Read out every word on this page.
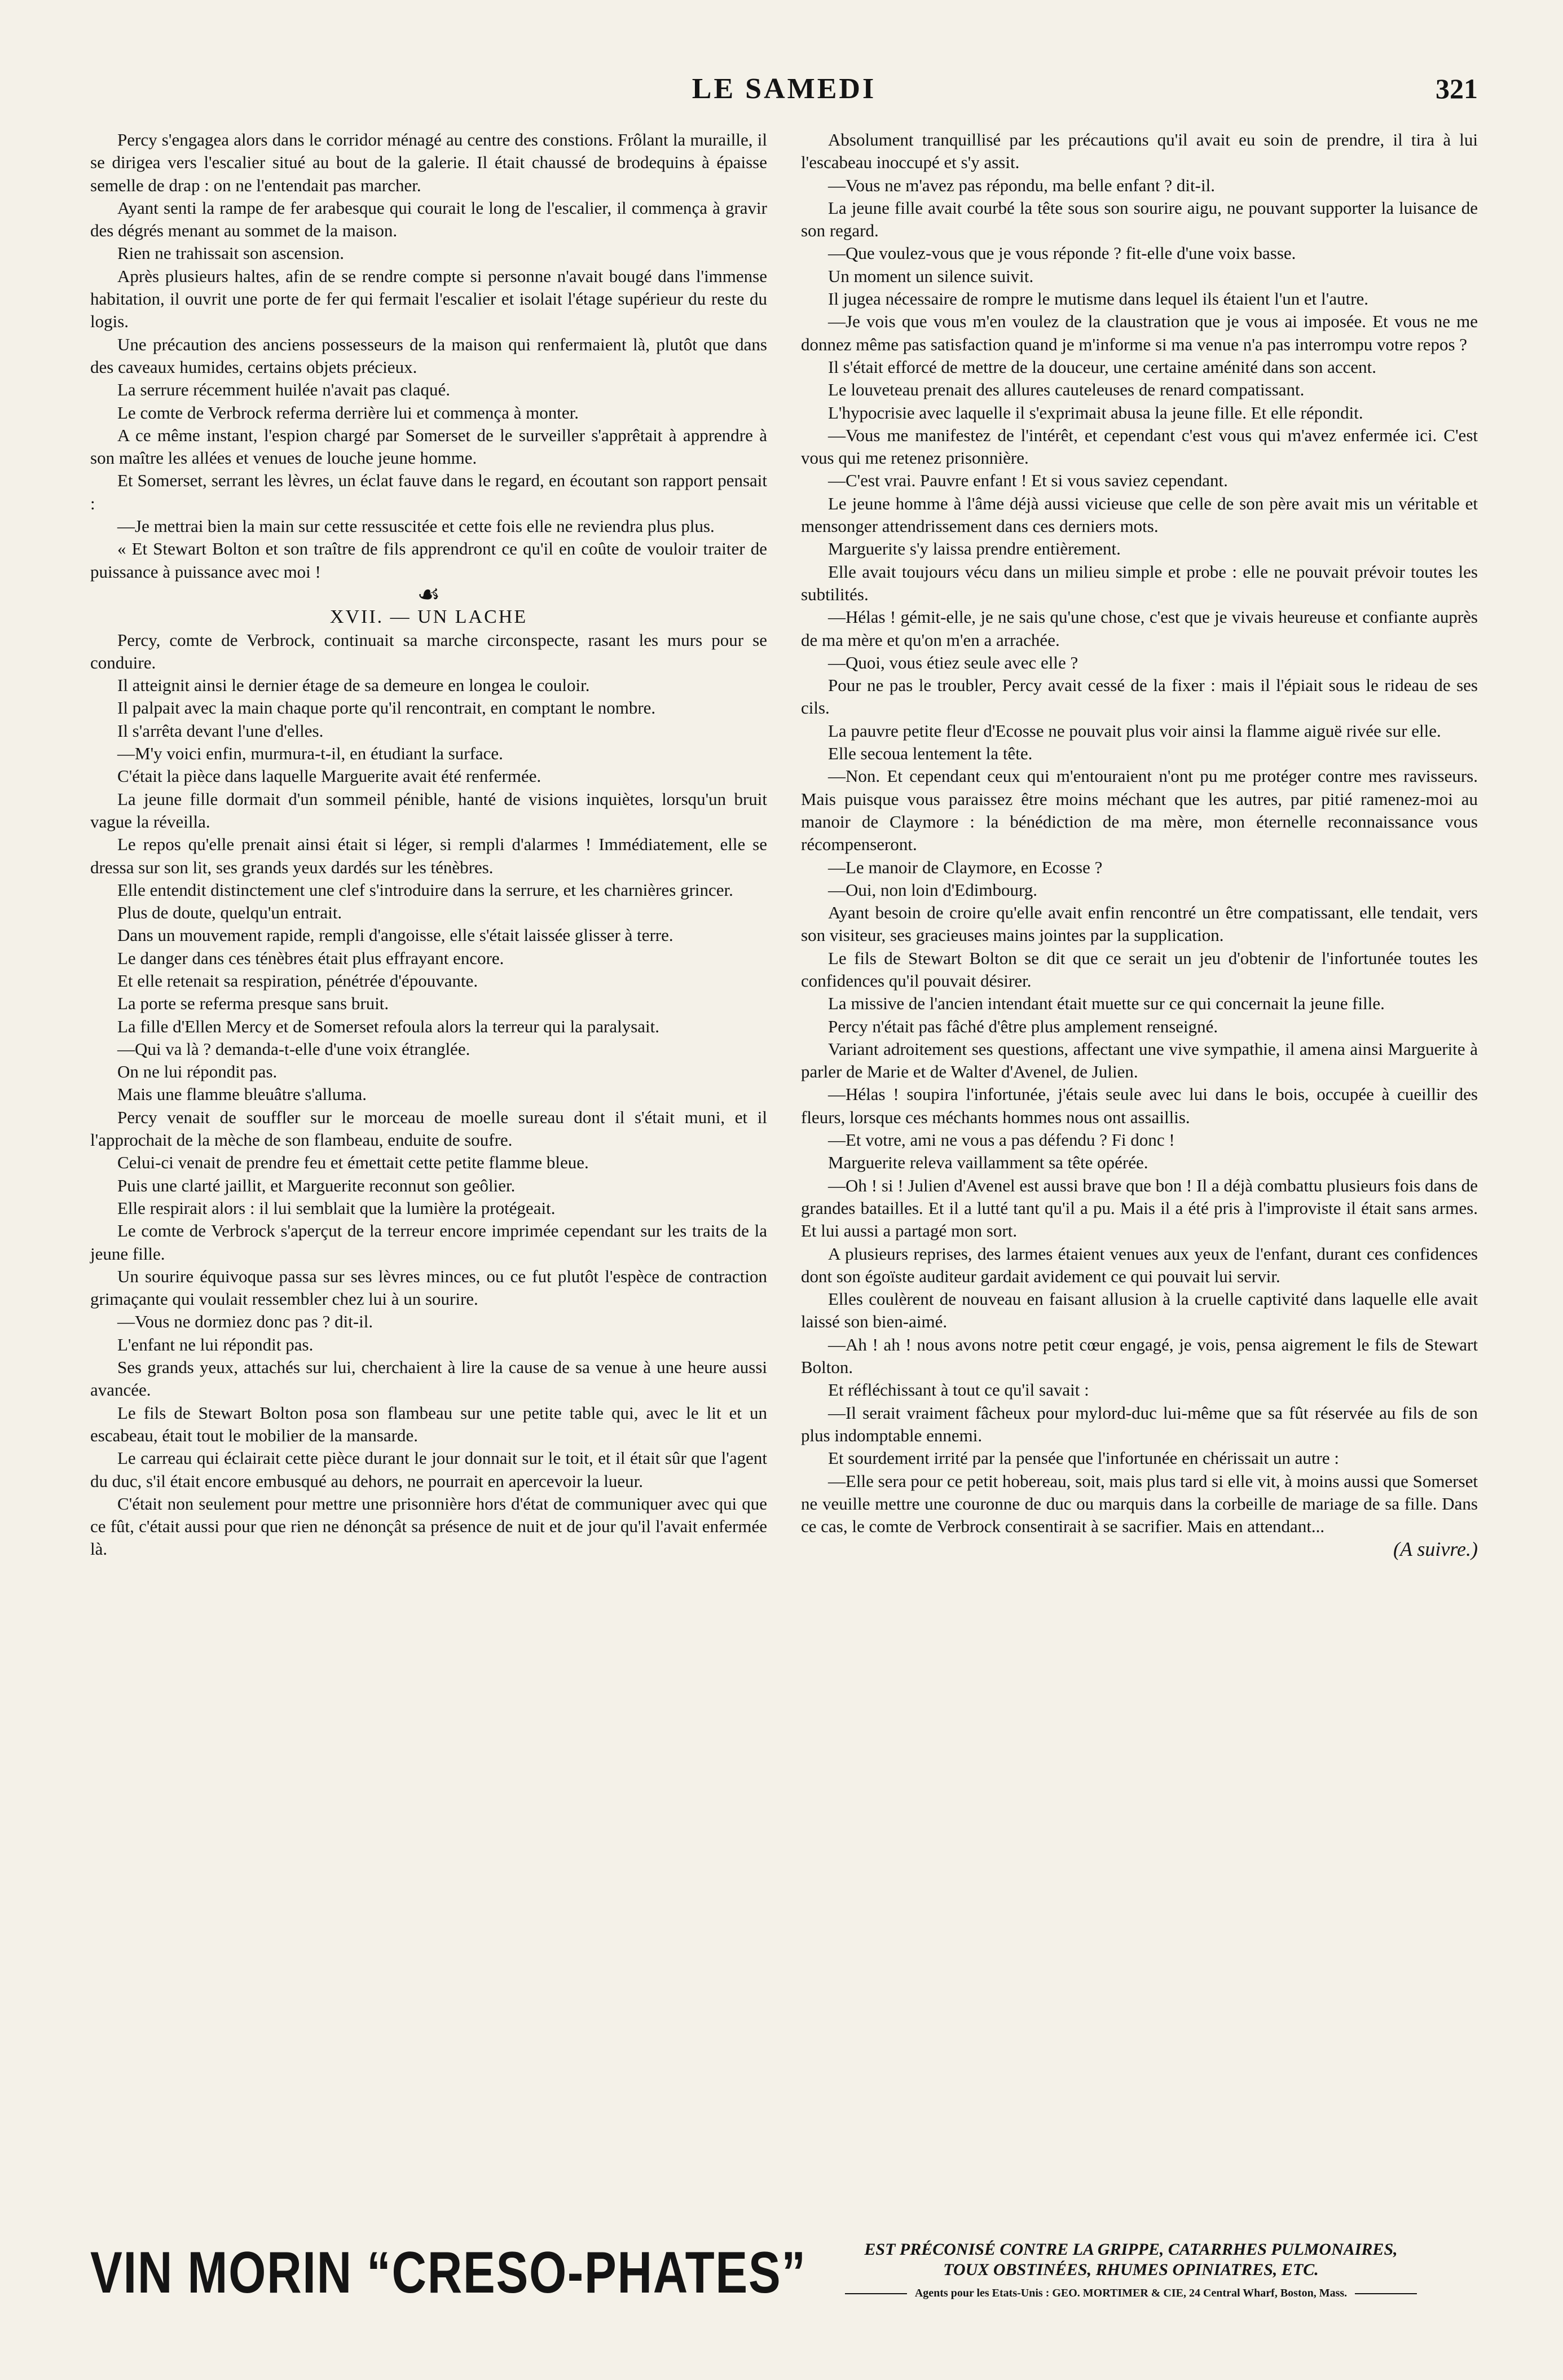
LE SAMEDI	321

Percy s'engagea alors dans le corridor ménagé au centre des constions. Frôlant la muraille, il se dirigea vers l'escalier situé au bout de la galerie. Il était chaussé de brodequins à épaisse semelle de drap : on ne l'entendait pas marcher.

Ayant senti la rampe de fer arabesque qui courait le long de l'escalier, il commença à gravir des dégrés menant au sommet de la maison.

Rien ne trahissait son ascension.

Après plusieurs haltes, afin de se rendre compte si personne n'avait bougé dans l'immense habitation, il ouvrit une porte de fer qui fermait l'escalier et isolait l'étage supérieur du reste du logis.

Une précaution des anciens possesseurs de la maison qui renfermaient là, plutôt que dans des caveaux humides, certains objets précieux.

La serrure récemment huilée n'avait pas claqué.

Le comte de Verbrock referma derrière lui et commença à monter.

A ce même instant, l'espion chargé par Somerset de le surveiller s'apprêtait à apprendre à son maître les allées et venues de louche jeune homme.

Et Somerset, serrant les lèvres, un éclat fauve dans le regard, en écoutant son rapport pensait :

—Je mettrai bien la main sur cette ressuscitée et cette fois elle ne reviendra plus plus.

« Et Stewart Bolton et son traître de fils apprendront ce qu'il en coûte de vouloir traiter de puissance à puissance avec moi !

☙

XVII. — UN LACHE

Percy, comte de Verbrock, continuait sa marche circonspecte, rasant les murs pour se conduire.

Il atteignit ainsi le dernier étage de sa demeure en longea le couloir.

Il palpait avec la main chaque porte qu'il rencontrait, en comptant le nombre.

Il s'arrêta devant l'une d'elles.

—M'y voici enfin, murmura-t-il, en étudiant la surface.

C'était la pièce dans laquelle Marguerite avait été renfermée.

La jeune fille dormait d'un sommeil pénible, hanté de visions inquiètes, lorsqu'un bruit vague la réveilla.

Le repos qu'elle prenait ainsi était si léger, si rempli d'alarmes ! Immédiatement, elle se dressa sur son lit, ses grands yeux dardés sur les ténèbres.

Elle entendit distinctement une clef s'introduire dans la serrure, et les charnières grincer.

Plus de doute, quelqu'un entrait.

Dans un mouvement rapide, rempli d'angoisse, elle s'était laissée glisser à terre.

Le danger dans ces ténèbres était plus effrayant encore.

Et elle retenait sa respiration, pénétrée d'épouvante.

La porte se referma presque sans bruit.

La fille d'Ellen Mercy et de Somerset refoula alors la terreur qui la paralysait.

—Qui va là ? demanda-t-elle d'une voix étranglée.

On ne lui répondit pas.

Mais une flamme bleuâtre s'alluma.

Percy venait de souffler sur le morceau de moelle sureau dont il s'était muni, et il l'approchait de la mèche de son flambeau, enduite de soufre.

Celui-ci venait de prendre feu et émettait cette petite flamme bleue.

Puis une clarté jaillit, et Marguerite reconnut son geôlier.

Elle respirait alors : il lui semblait que la lumière la protégeait.

Le comte de Verbrock s'aperçut de la terreur encore imprimée cependant sur les traits de la jeune fille.

Un sourire équivoque passa sur ses lèvres minces, ou ce fut plutôt l'espèce de contraction grimaçante qui voulait ressembler chez lui à un sourire.

—Vous ne dormiez donc pas ? dit-il.

L'enfant ne lui répondit pas.

Ses grands yeux, attachés sur lui, cherchaient à lire la cause de sa venue à une heure aussi avancée.

Le fils de Stewart Bolton posa son flambeau sur une petite table qui, avec le lit et un escabeau, était tout le mobilier de la mansarde.

Le carreau qui éclairait cette pièce durant le jour donnait sur le toit, et il était sûr que l'agent du duc, s'il était encore embusqué au dehors, ne pourrait en apercevoir la lueur.

C'était non seulement pour mettre une prisonnière hors d'état de communiquer avec qui que ce fût, c'était aussi pour que rien ne dénonçât sa présence de nuit et de jour qu'il l'avait enfermée là.

Absolument tranquillisé par les précautions qu'il avait eu soin de prendre, il tira à lui l'escabeau inoccupé et s'y assit.

—Vous ne m'avez pas répondu, ma belle enfant ? dit-il.

La jeune fille avait courbé la tête sous son sourire aigu, ne pouvant supporter la luisance de son regard.

—Que voulez-vous que je vous réponde ? fit-elle d'une voix basse.

Un moment un silence suivit.

Il jugea nécessaire de rompre le mutisme dans lequel ils étaient l'un et l'autre.

—Je vois que vous m'en voulez de la claustration que je vous ai imposée. Et vous ne me donnez même pas satisfaction quand je m'informe si ma venue n'a pas interrompu votre repos ?

Il s'était efforcé de mettre de la douceur, une certaine aménité dans son accent.

Le louveteau prenait des allures cauteleuses de renard compatissant.

L'hypocrisie avec laquelle il s'exprimait abusa la jeune fille. Et elle répondit.

—Vous me manifestez de l'intérêt, et cependant c'est vous qui m'avez enfermée ici. C'est vous qui me retenez prisonnière.

—C'est vrai. Pauvre enfant ! Et si vous saviez cependant.

Le jeune homme à l'âme déjà aussi vicieuse que celle de son père avait mis un véritable et mensonger attendrissement dans ces derniers mots.

Marguerite s'y laissa prendre entièrement.

Elle avait toujours vécu dans un milieu simple et probe : elle ne pouvait prévoir toutes les subtilités.

—Hélas ! gémit-elle, je ne sais qu'une chose, c'est que je vivais heureuse et confiante auprès de ma mère et qu'on m'en a arrachée.

—Quoi, vous étiez seule avec elle ?

Pour ne pas le troubler, Percy avait cessé de la fixer : mais il l'épiait sous le rideau de ses cils.

La pauvre petite fleur d'Ecosse ne pouvait plus voir ainsi la flamme aiguë rivée sur elle.

Elle secoua lentement la tête.

—Non. Et cependant ceux qui m'entouraient n'ont pu me protéger contre mes ravisseurs. Mais puisque vous paraissez être moins méchant que les autres, par pitié ramenez-moi au manoir de Claymore : la bénédiction de ma mère, mon éternelle reconnaissance vous récompenseront.

—Le manoir de Claymore, en Ecosse ?

—Oui, non loin d'Edimbourg.

Ayant besoin de croire qu'elle avait enfin rencontré un être compatissant, elle tendait, vers son visiteur, ses gracieuses mains jointes par la supplication.

Le fils de Stewart Bolton se dit que ce serait un jeu d'obtenir de l'infortunée toutes les confidences qu'il pouvait désirer.

La missive de l'ancien intendant était muette sur ce qui concernait la jeune fille.

Percy n'était pas fâché d'être plus amplement renseigné.

Variant adroitement ses questions, affectant une vive sympathie, il amena ainsi Marguerite à parler de Marie et de Walter d'Avenel, de Julien.

—Hélas ! soupira l'infortunée, j'étais seule avec lui dans le bois, occupée à cueillir des fleurs, lorsque ces méchants hommes nous ont assaillis.

—Et votre, ami ne vous a pas défendu ? Fi donc !

Marguerite releva vaillamment sa tête opérée.

—Oh ! si ! Julien d'Avenel est aussi brave que bon ! Il a déjà combattu plusieurs fois dans de grandes batailles. Et il a lutté tant qu'il a pu. Mais il a été pris à l'improviste il était sans armes. Et lui aussi a partagé mon sort.

A plusieurs reprises, des larmes étaient venues aux yeux de l'enfant, durant ces confidences dont son égoïste auditeur gardait avidement ce qui pouvait lui servir.

Elles coulèrent de nouveau en faisant allusion à la cruelle captivité dans laquelle elle avait laissé son bien-aimé.

—Ah ! ah ! nous avons notre petit cœur engagé, je vois, pensa aigrement le fils de Stewart Bolton.

Et réfléchissant à tout ce qu'il savait :

—Il serait vraiment fâcheux pour mylord-duc lui-même que sa fût réservée au fils de son plus indomptable ennemi.

Et sourdement irrité par la pensée que l'infortunée en chérissait un autre :

—Elle sera pour ce petit hobereau, soit, mais plus tard si elle vit, à moins aussi que Somerset ne veuille mettre une couronne de duc ou marquis dans la corbeille de mariage de sa fille. Dans ce cas, le comte de Verbrock consentirait à se sacrifier. Mais en attendant...

(A suivre.)

VIN MORIN “CRESO-PHATES”	EST PRÉCONISÉ CONTRE LA GRIPPE, CATARRHES PULMONAIRES,
TOUX OBSTINÉES, RHUMES OPINIATRES, ETC.
Agents pour les Etats-Unis : GEO. MORTIMER & CIE, 24 Central Wharf, Boston, Mass.
